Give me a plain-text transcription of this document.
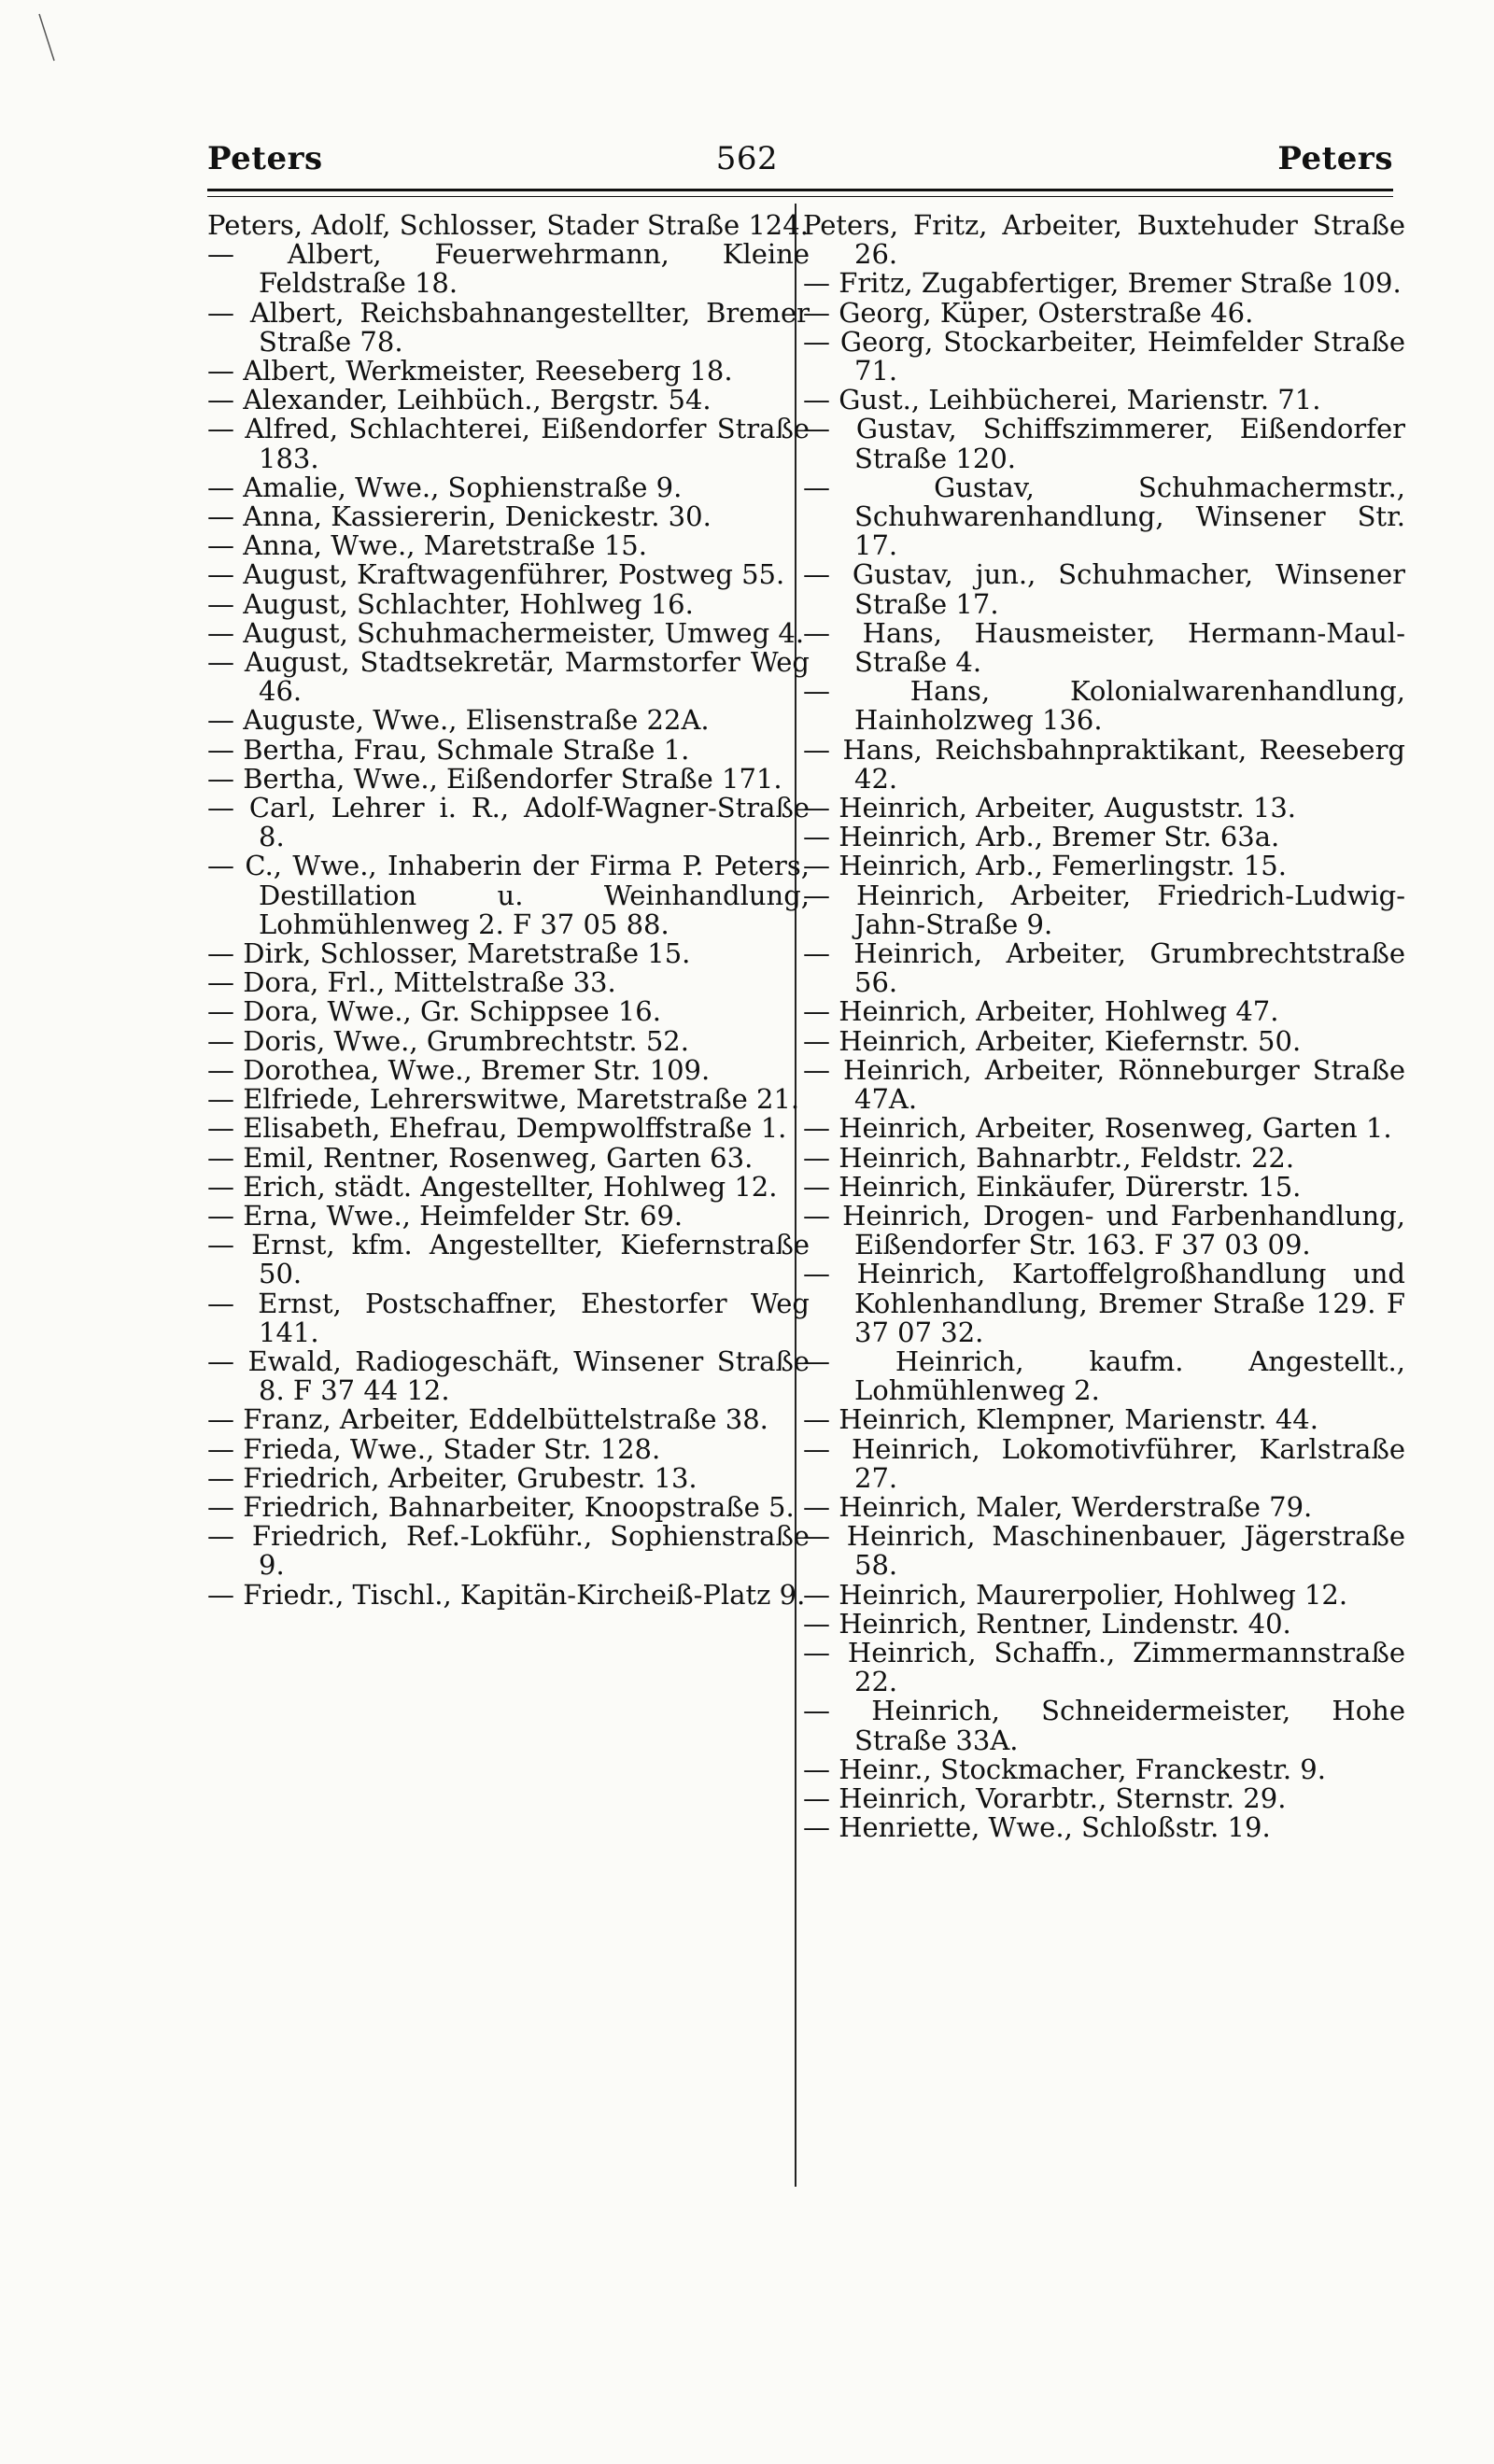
562
Peters	Peters

Peters, Adolf, Schlosser, Stader Straße 124.

— Albert, Feuerwehrmann, Kleine Feldstraße 18.

— Albert, Reichsbahnangestellter, Bremer Straße 78.

— Albert, Werkmeister, Reeseberg 18.

— Alexander, Leihbüch., Bergstr. 54.

— Alfred, Schlachterei, Eißendorfer Straße 183.

— Amalie, Wwe., Sophienstraße 9.

— Anna, Kassiererin, Denickestr. 30.

— Anna, Wwe., Maretstraße 15.

— August, Kraftwagenführer, Postweg 55.

— August, Schlachter, Hohlweg 16.

— August, Schuhmachermeister, Umweg 4.

— August, Stadtsekretär, Marmstorfer Weg 46.

— Auguste, Wwe., Elisenstraße 22A.

— Bertha, Frau, Schmale Straße 1.

— Bertha, Wwe., Eißendorfer Straße 171.

— Carl, Lehrer i. R., Adolf-Wagner-Straße 8.

— C., Wwe., Inhaberin der Firma P. Peters, Destillation u. Weinhandlung, Lohmühlenweg 2. F 37 05 88.

— Dirk, Schlosser, Maretstraße 15.

— Dora, Frl., Mittelstraße 33.

— Dora, Wwe., Gr. Schippsee 16.

— Doris, Wwe., Grumbrechtstr. 52.

— Dorothea, Wwe., Bremer Str. 109.

— Elfriede, Lehrerswitwe, Maretstraße 21.

— Elisabeth, Ehefrau, Dempwolffstraße 1.

— Emil, Rentner, Rosenweg, Garten 63.

— Erich, städt. Angestellter, Hohlweg 12.

— Erna, Wwe., Heimfelder Str. 69.

— Ernst, kfm. Angestellter, Kiefernstraße 50.

— Ernst, Postschaffner, Ehestorfer Weg 141.

— Ewald, Radiogeschäft, Winsener Straße 8. F 37 44 12.

— Franz, Arbeiter, Eddelbüttelstraße 38.

— Frieda, Wwe., Stader Str. 128.

— Friedrich, Arbeiter, Grubestr. 13.

— Friedrich, Bahnarbeiter, Knoopstraße 5.

— Friedrich, Ref.-Lokführ., Sophienstraße 9.

— Friedr., Tischl., Kapitän-Kircheiß-Platz 9.

Peters, Fritz, Arbeiter, Buxtehuder Straße 26.

— Fritz, Zugabfertiger, Bremer Straße 109.

— Georg, Küper, Osterstraße 46.

— Georg, Stockarbeiter, Heimfelder Straße 71.

— Gust., Leihbücherei, Marienstr. 71.

— Gustav, Schiffszimmerer, Eißendorfer Straße 120.

— Gustav, Schuhmachermstr., Schuhwarenhandlung, Winsener Str. 17.

— Gustav, jun., Schuhmacher, Winsener Straße 17.

— Hans, Hausmeister, Hermann-Maul-Straße 4.

— Hans, Kolonialwarenhandlung, Hainholzweg 136.

— Hans, Reichsbahnpraktikant, Reeseberg 42.

— Heinrich, Arbeiter, Auguststr. 13.

— Heinrich, Arb., Bremer Str. 63a.

— Heinrich, Arb., Femerlingstr. 15.

— Heinrich, Arbeiter, Friedrich-Ludwig-Jahn-Straße 9.

— Heinrich, Arbeiter, Grumbrechtstraße 56.

— Heinrich, Arbeiter, Hohlweg 47.

— Heinrich, Arbeiter, Kiefernstr. 50.

— Heinrich, Arbeiter, Rönneburger Straße 47A.

— Heinrich, Arbeiter, Rosenweg, Garten 1.

— Heinrich, Bahnarbtr., Feldstr. 22.

— Heinrich, Einkäufer, Dürerstr. 15.

— Heinrich, Drogen- und Farbenhandlung, Eißendorfer Str. 163. F 37 03 09.

— Heinrich, Kartoffelgroßhandlung und Kohlenhandlung, Bremer Straße 129. F 37 07 32.

— Heinrich, kaufm. Angestellt., Lohmühlenweg 2.

— Heinrich, Klempner, Marienstr. 44.

— Heinrich, Lokomotivführer, Karlstraße 27.

— Heinrich, Maler, Werderstraße 79.

— Heinrich, Maschinenbauer, Jägerstraße 58.

— Heinrich, Maurerpolier, Hohlweg 12.

— Heinrich, Rentner, Lindenstr. 40.

— Heinrich, Schaffn., Zimmermannstraße 22.

— Heinrich, Schneidermeister, Hohe Straße 33A.

— Heinr., Stockmacher, Franckestr. 9.

— Heinrich, Vorarbtr., Sternstr. 29.

— Henriette, Wwe., Schloßstr. 19.
